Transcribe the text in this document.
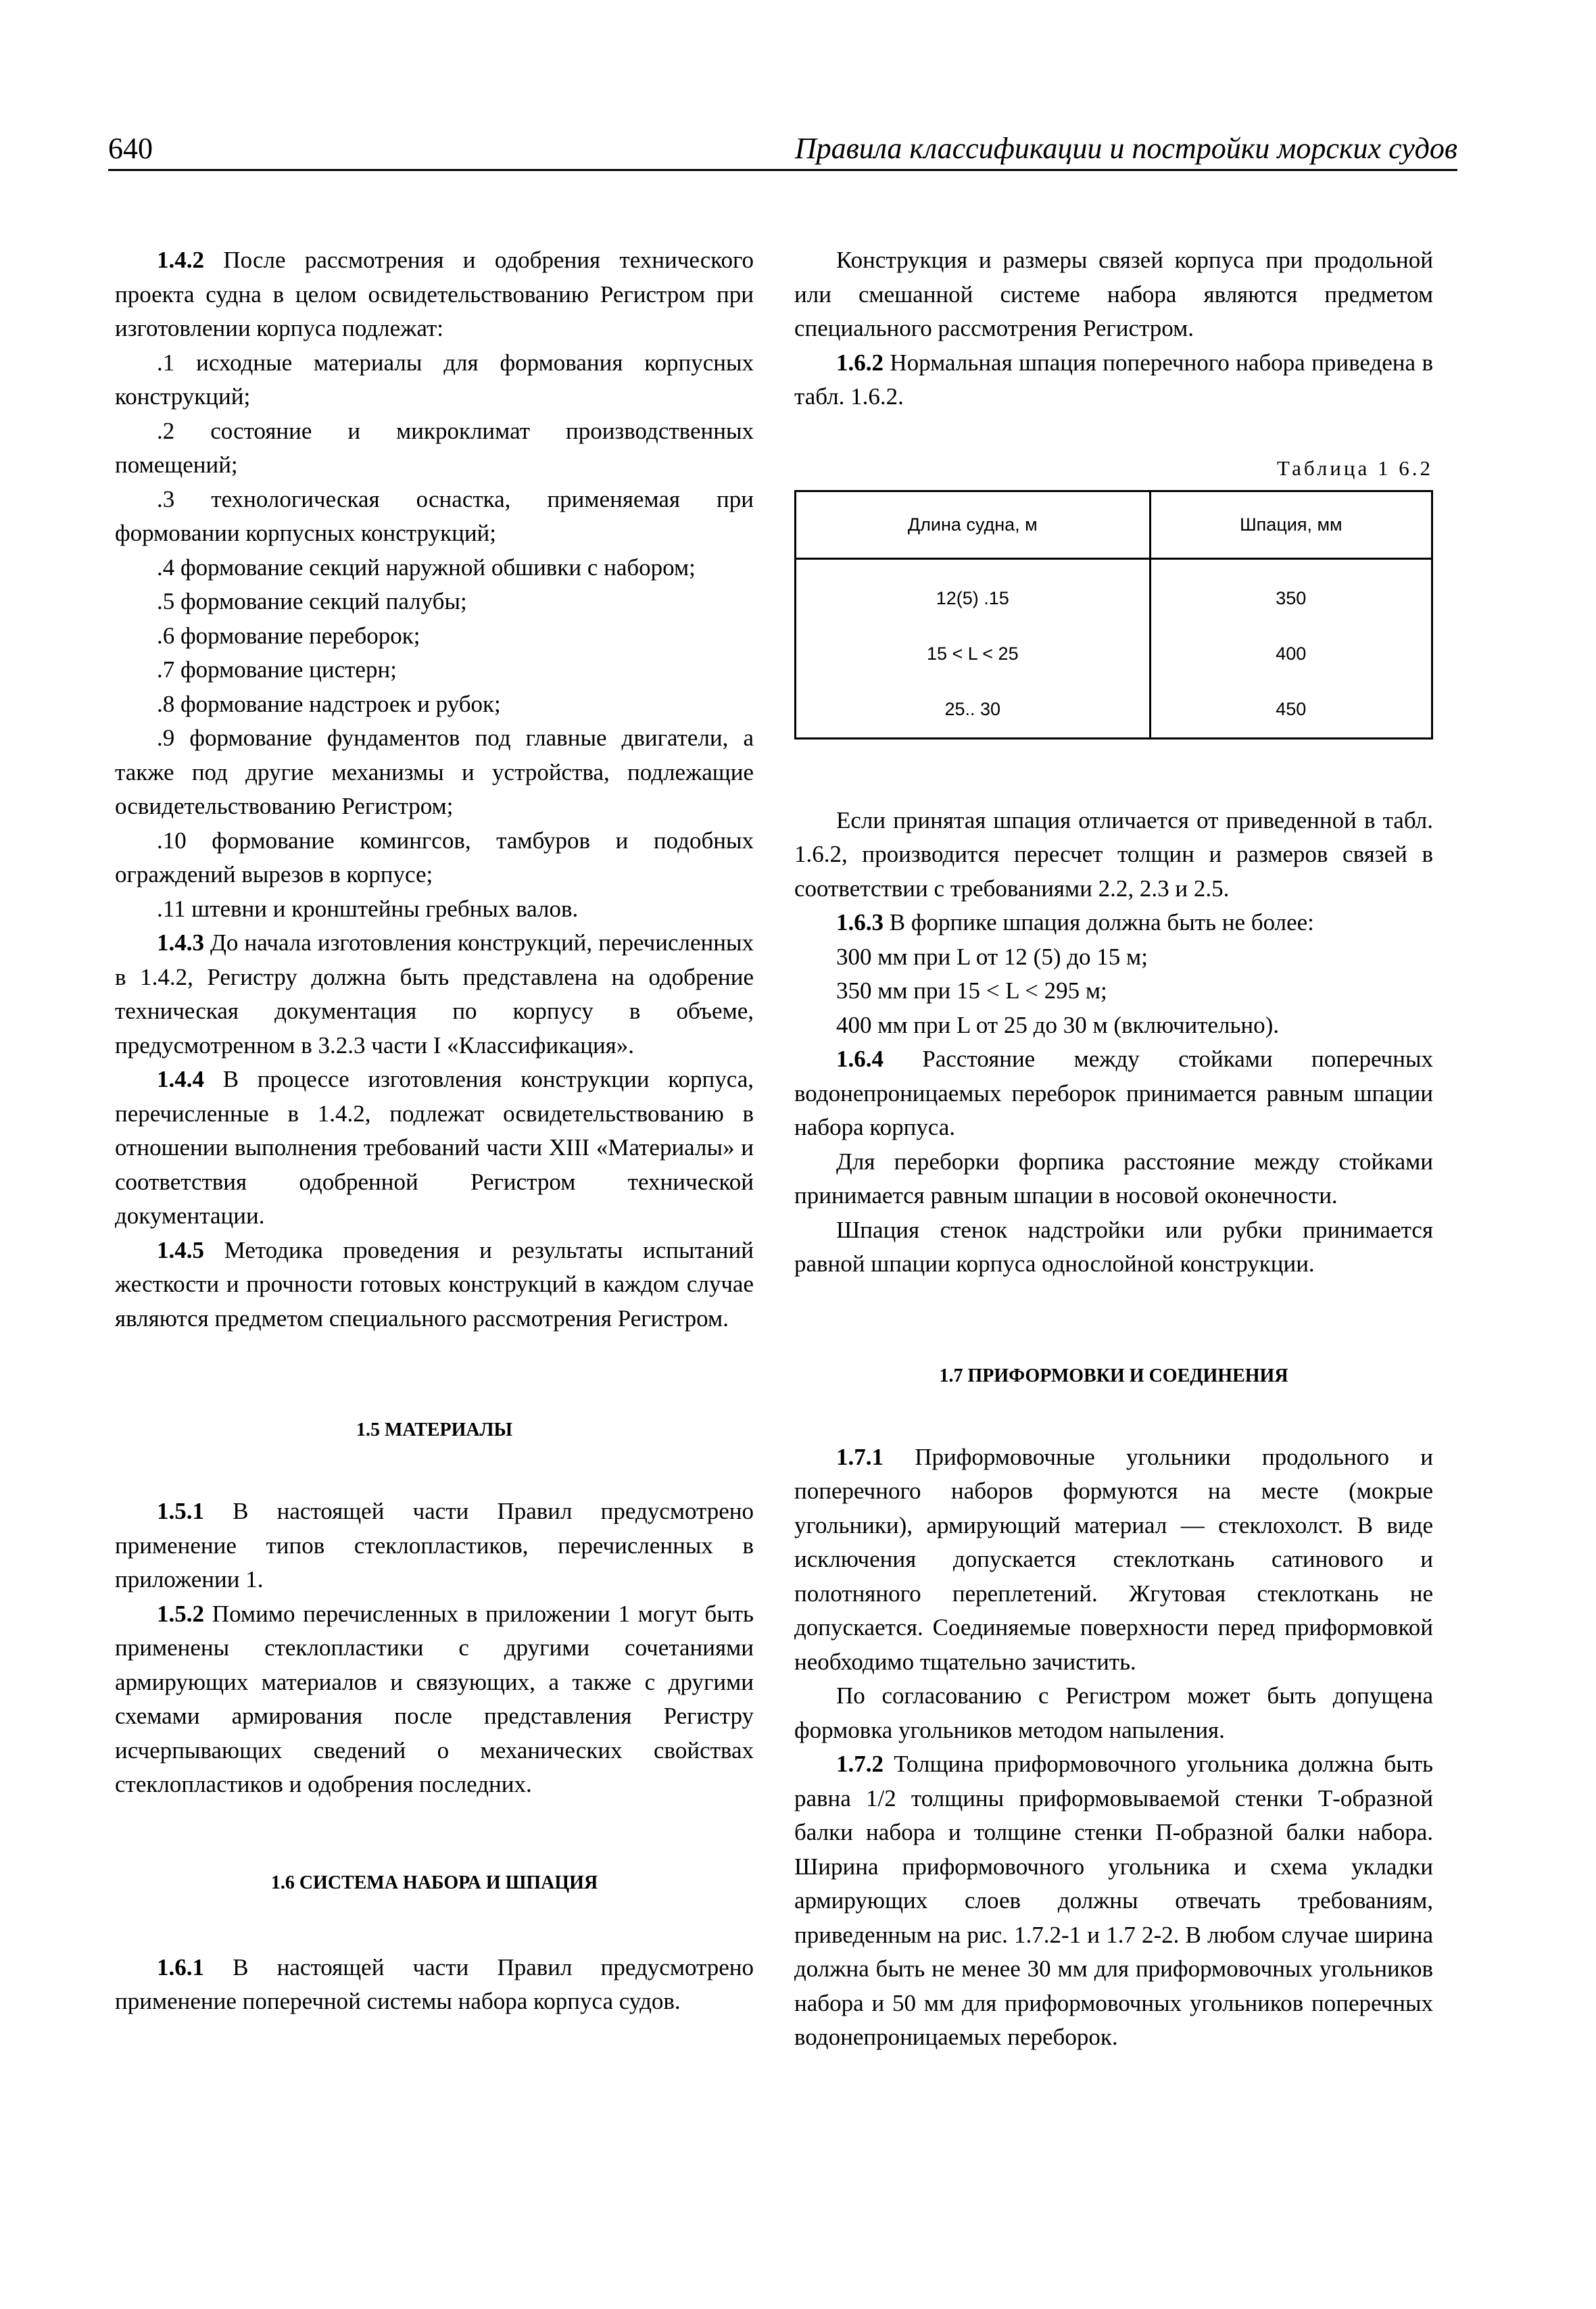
640	Правила классификации и постройки морских судов

1.4.2 После рассмотрения и одобрения технического проекта судна в целом освидетельствованию Регистром при изготовлении корпуса подлежат:

.1 исходные материалы для формования корпусных конструкций;

.2 состояние и микроклимат производственных помещений;

.3 технологическая оснастка, применяемая при формовании корпусных конструкций;

.4 формование секций наружной обшивки с набором;

.5 формование секций палубы;

.6 формование переборок;

.7 формование цистерн;

.8 формование надстроек и рубок;

.9 формование фундаментов под главные двигатели, а также под другие механизмы и устройства, подлежащие освидетельствованию Регистром;

.10 формование комингсов, тамбуров и подобных ограждений вырезов в корпусе;

.11 штевни и кронштейны гребных валов.

1.4.3 До начала изготовления конструкций, перечисленных в 1.4.2, Регистру должна быть представлена на одобрение техническая документация по корпусу в объеме, предусмотренном в 3.2.3 части I «Классификация».

1.4.4 В процессе изготовления конструкции корпуса, перечисленные в 1.4.2, подлежат освидетельствованию в отношении выполнения требований части XIII «Материалы» и соответствия одобренной Регистром технической документации.

1.4.5 Методика проведения и результаты испытаний жесткости и прочности готовых конструкций в каждом случае являются предметом специального рассмотрения Регистром.

1.5 МАТЕРИАЛЫ

1.5.1 В настоящей части Правил предусмотрено применение типов стеклопластиков, перечисленных в приложении 1.

1.5.2 Помимо перечисленных в приложении 1 могут быть применены стеклопластики с другими сочетаниями армирующих материалов и связующих, а также с другими схемами армирования после представления Регистру исчерпывающих сведений о механических свойствах стеклопластиков и одобрения последних.

1.6 СИСТЕМА НАБОРА И ШПАЦИЯ

1.6.1 В настоящей части Правил предусмотрено применение поперечной системы набора корпуса судов.

Конструкция и размеры связей корпуса при продольной или смешанной системе набора являются предметом специального рассмотрения Регистром.

1.6.2 Нормальная шпация поперечного набора приведена в табл. 1.6.2.

Таблица 1 6.2
Длина судна, м	Шпация, мм
12(5) .15	350
15 < L < 25	400
25.. 30	450

Если принятая шпация отличается от приведенной в табл. 1.6.2, производится пересчет толщин и размеров связей в соответствии с требованиями 2.2, 2.3 и 2.5.

1.6.3 В форпике шпация должна быть не более:

300 мм при L от 12 (5) до 15 м;

350 мм при 15 < L < 295 м;

400 мм при L от 25 до 30 м (включительно).

1.6.4 Расстояние между стойками поперечных водонепроницаемых переборок принимается равным шпации набора корпуса.

Для переборки форпика расстояние между стойками принимается равным шпации в носовой оконечности.

Шпация стенок надстройки или рубки принимается равной шпации корпуса однослойной конструкции.

1.7 ПРИФОРМОВКИ И СОЕДИНЕНИЯ

1.7.1 Приформовочные угольники продольного и поперечного наборов формуются на месте (мокрые угольники), армирующий материал — стеклохолст. В виде исключения допускается стеклоткань сатинового и полотняного переплетений. Жгутовая стеклоткань не допускается. Соединяемые поверхности перед приформовкой необходимо тщательно зачистить.

По согласованию с Регистром может быть допущена формовка угольников методом напыления.

1.7.2 Толщина приформовочного угольника должна быть равна 1/2 толщины приформовываемой стенки Т-образной балки набора и толщине стенки П-образной балки набора. Ширина приформовочного угольника и схема укладки армирующих слоев должны отвечать требованиям, приведенным на рис. 1.7.2-1 и 1.7 2-2. В любом случае ширина должна быть не менее 30 мм для приформовочных угольников набора и 50 мм для приформовочных угольников поперечных водонепроницаемых переборок.
